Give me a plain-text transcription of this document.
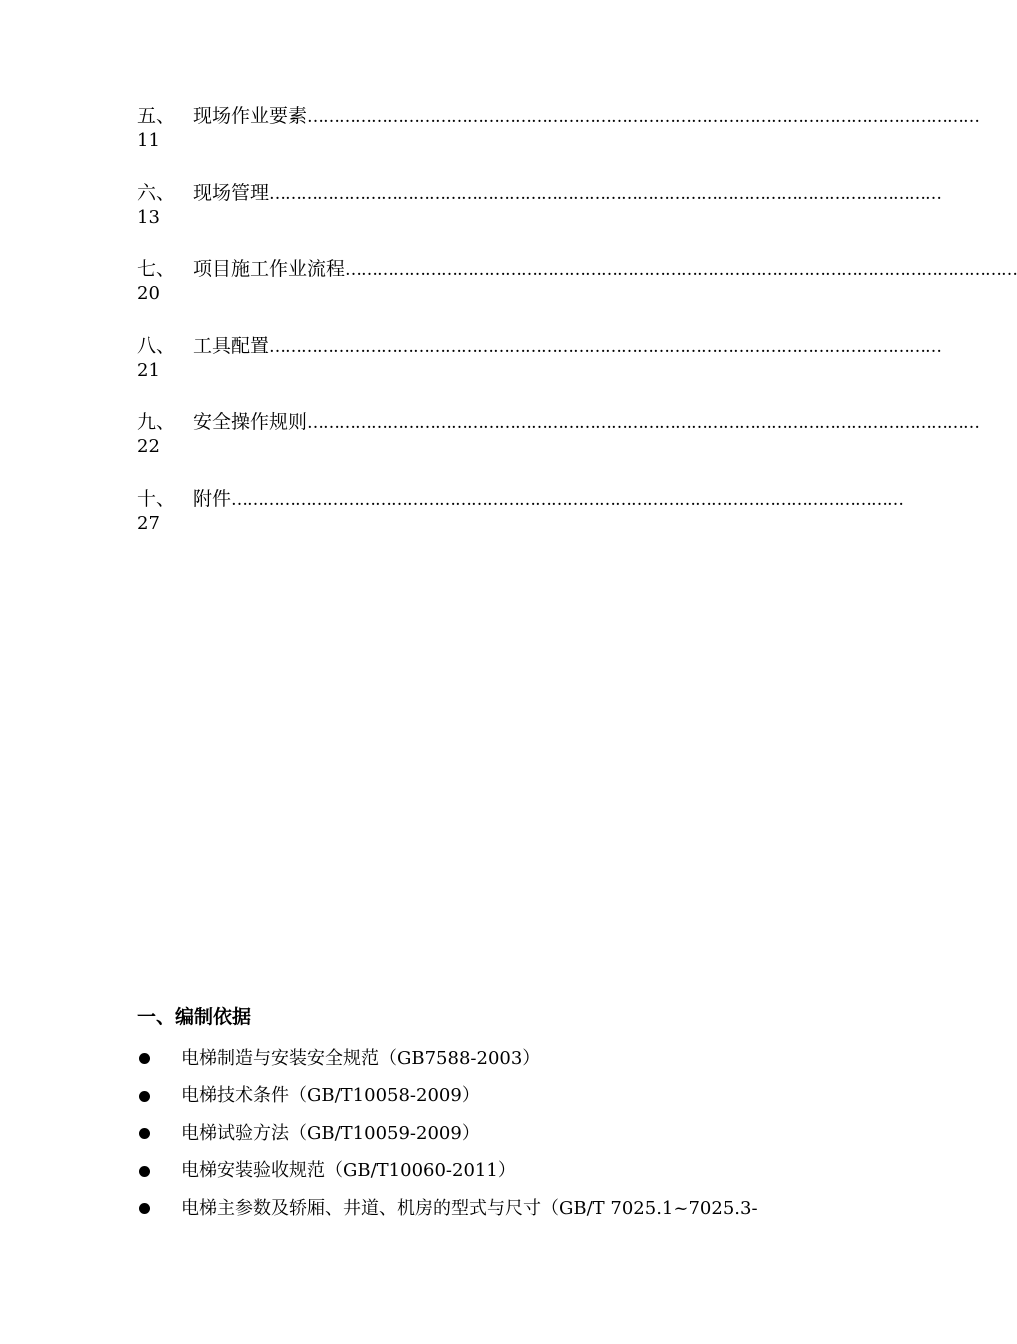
五、 现场作业要素 ………………………………………………………………………………………………………………
11
六、 现场管理 ………………………………………………………………………………………………………………
13
七、 项目施工作业流程 ………………………………………………………………………………………………………………
20
八、 工具配置 ………………………………………………………………………………………………………………
21
九、 安全操作规则 ………………………………………………………………………………………………………………
22
十、 附件 ………………………………………………………………………………………………………………
27
一、编制依据
电梯制造与安装安全规范（GB7588-2003）
电梯技术条件（GB/T10058-2009）
电梯试验方法（GB/T10059-2009）
电梯安装验收规范（GB/T10060-2011）
电梯主参数及轿厢、井道、机房的型式与尺寸（GB/T 7025.1~7025.3-
